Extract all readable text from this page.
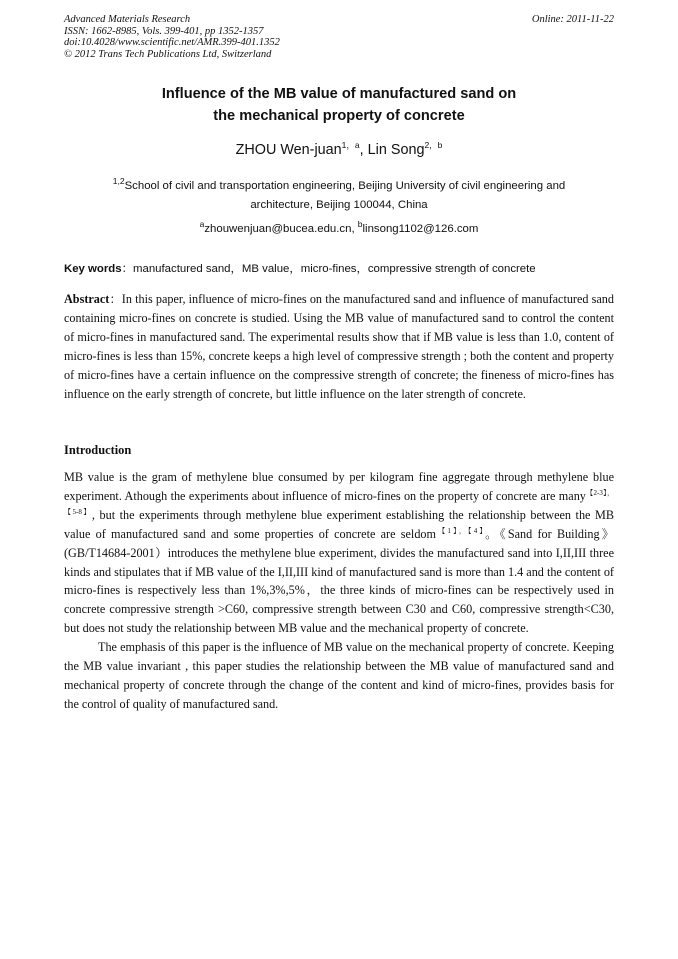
Advanced Materials Research
ISSN: 1662-8985, Vols. 399-401, pp 1352-1357
doi:10.4028/www.scientific.net/AMR.399-401.1352
© 2012 Trans Tech Publications Ltd, Switzerland
Online: 2011-11-22
Influence of the MB value of manufactured sand on
the mechanical property of concrete
ZHOU Wen-juan$^{1,a}$, Lin Song$^{2,b}$
$^{1,2}$School of civil and transportation engineering, Beijing University of civil engineering and
architecture, Beijing 100044, China
$^a$zhouwenjuan@bucea.edu.cn, $^b$linsong1102@126.com
Key words：manufactured sand，MB value，micro-fines，compressive strength of concrete
Abstract：In this paper, influence of micro-fines on the manufactured sand and influence of manufactured sand containing micro-fines on concrete is studied. Using the MB value of manufactured sand to control the content of micro-fines in manufactured sand. The experimental results show that if MB value is less than 1.0, content of micro-fines is less than 15%, concrete keeps a high level of compressive strength ; both the content and property of micro-fines have a certain influence on the compressive strength of concrete; the fineness of micro-fines has influence on the early strength of concrete, but little influence on the later strength of concrete.
Introduction

MB value is the gram of methylene blue consumed by per kilogram fine aggregate through methylene blue experiment. Athough the experiments about influence of micro-fines on the property of concrete are many$^{【2-3】,【5-8】}$, but the experiments through methylene blue experiment establishing the relationship between the MB value of manufactured sand and some properties of concrete are seldom$^{【1】,【4】}$。《Sand for Building》(GB/T14684-2001）introduces the methylene blue experiment, divides the manufactured sand into I,II,III three kinds and stipulates that if MB value of the I,II,III kind of manufactured sand is more than 1.4 and the content of micro-fines is respectively less than 1%,3%,5%，the three kinds of micro-fines can be respectively used in concrete compressive strength >C60, compressive strength between C30 and C60, compressive strength<C30, but does not study the relationship between MB value and the mechanical property of concrete.

The emphasis of this paper is the influence of MB value on the mechanical property of concrete. Keeping the MB value invariant , this paper studies the relationship between the MB value of manufactured sand and mechanical property of concrete through the change of the content and kind of micro-fines, provides basis for the control of quality of manufactured sand.
